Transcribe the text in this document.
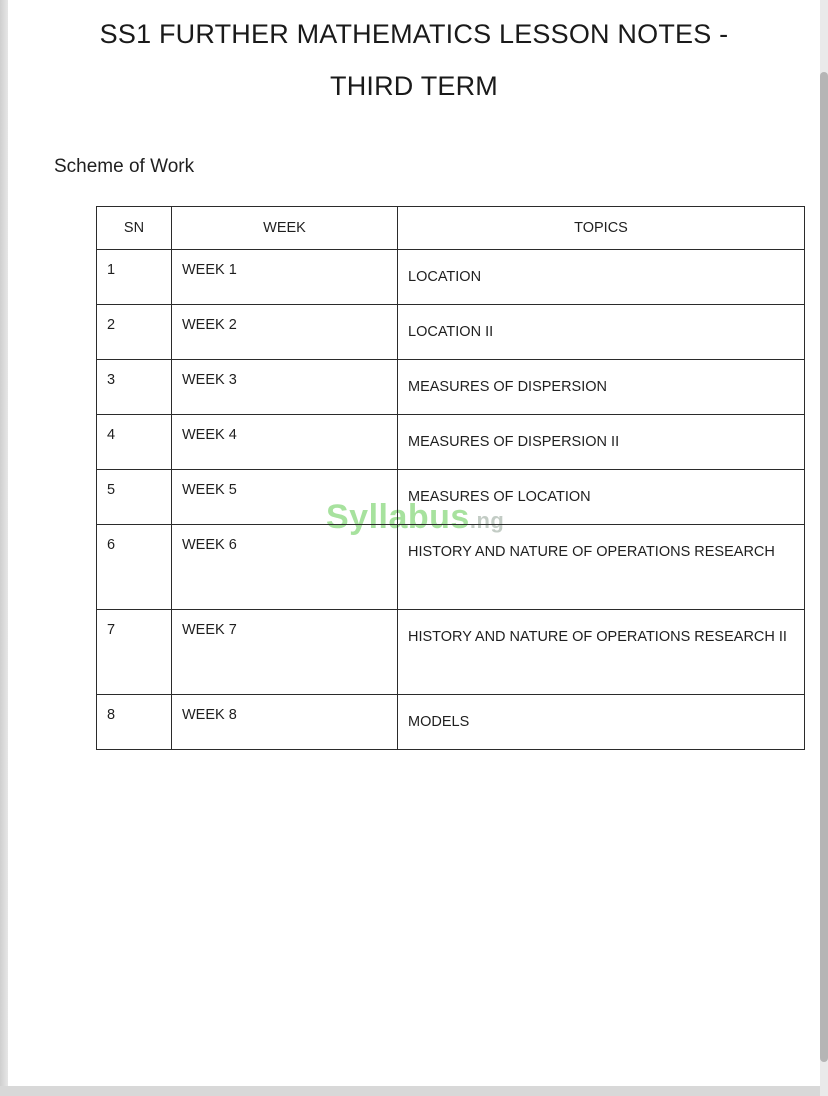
SS1 FURTHER MATHEMATICS LESSON NOTES - THIRD TERM
Scheme of Work
Syllabus.ng
SN	WEEK	TOPICS
1	WEEK 1	LOCATION
2	WEEK 2	LOCATION II
3	WEEK 3	MEASURES OF DISPERSION
4	WEEK 4	MEASURES OF DISPERSION II
5	WEEK 5	MEASURES OF LOCATION
6	WEEK 6	HISTORY AND NATURE OF OPERATIONS RESEARCH
7	WEEK 7	HISTORY AND NATURE OF OPERATIONS RESEARCH II
8	WEEK 8	MODELS
